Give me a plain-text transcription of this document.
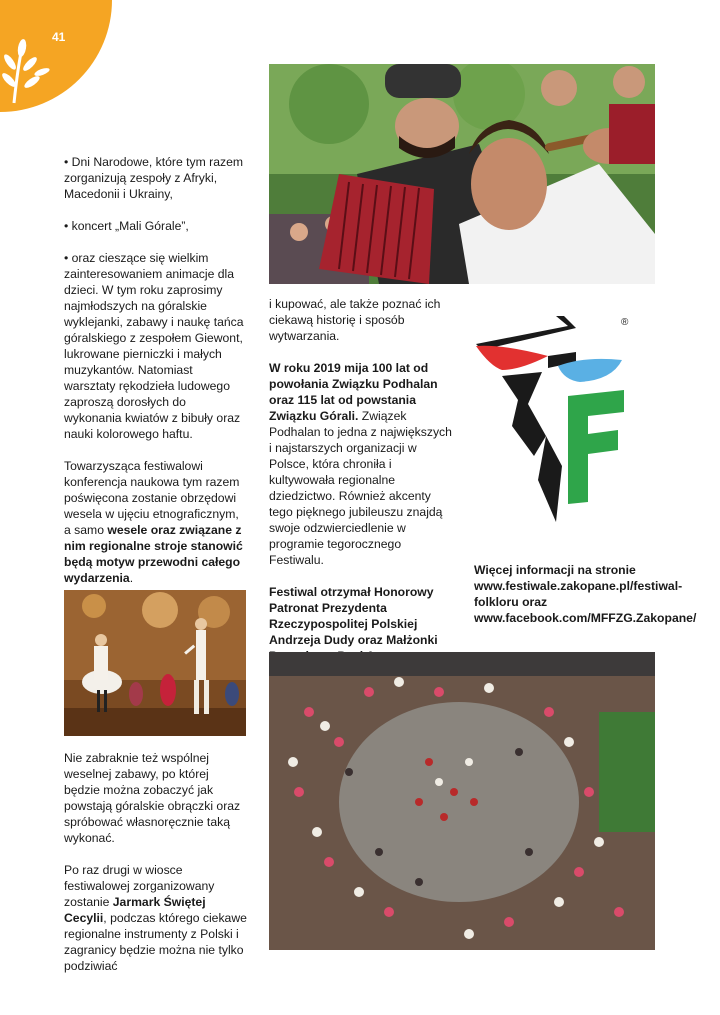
41

• Dni Narodowe, które tym razem zorganizują zespoły z Afryki, Macedonii i Ukrainy,

• koncert „Mali Górale”,

• oraz cieszące się wielkim zainteresowaniem animacje dla dzieci. W tym roku zaprosimy najmłodszych na góralskie wyklejanki, zabawy i naukę tańca góralskiego z zespołem Giewont, lukrowane pierniczki i małych muzykantów. Natomiast warsztaty rękodzieła ludowego zaproszą dorosłych do wykonania kwiatów z bibuły oraz nauki kolorowego haftu.

Towarzysząca festiwalowi konferencja naukowa tym razem poświęcona zostanie obrzędowi wesela w ujęciu etnograficznym, a samo wesele oraz związane z nim regionalne stroje stanowić będą motyw przewodni całego wydarzenia.

Nie zabraknie też wspólnej weselnej zabawy, po której będzie można zobaczyć jak powstają góralskie obrączki oraz spróbować własnoręcznie taką wykonać.

Po raz drugi w wiosce festiwalowej zorganizowany zostanie Jarmark Świętej Cecylii, podczas którego ciekawe regionalne instrumenty z Polski i zagranicy będzie można nie tylko podziwiać

i kupować, ale także poznać ich ciekawą historię i sposób wytwarzania.

W roku 2019 mija 100 lat od powołania Związku Podhalan oraz 115 lat od powstania Związku Górali. Związek Podhalan to jedna z największych i najstarszych organizacji w Polsce, która chroniła i kultywowała regionalne dziedzictwo. Również akcenty tego pięknego jubileuszu znajdą swoje odzwierciedlenie w programie tegorocznego Festiwalu.

Festiwal otrzymał Honorowy Patronat Prezydenta Rzeczypospolitej Polskiej Andrzeja Dudy oraz Małżonki

®

Więcej informacji na stronie www.festiwale.zakopane.pl/festiwal-folkloru oraz www.facebook.com/MFFZG.Zakopane/
